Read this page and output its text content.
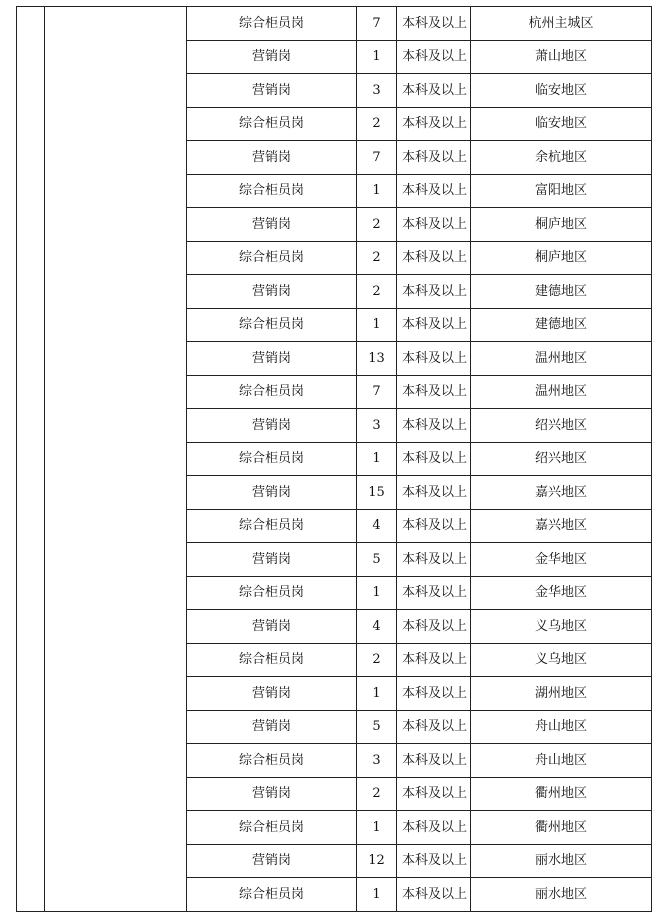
		综合柜员岗	7	本科及以上	杭州主城区
		营销岗	1	本科及以上	萧山地区
		营销岗	3	本科及以上	临安地区
		综合柜员岗	2	本科及以上	临安地区
		营销岗	7	本科及以上	余杭地区
		综合柜员岗	1	本科及以上	富阳地区
		营销岗	2	本科及以上	桐庐地区
		综合柜员岗	2	本科及以上	桐庐地区
		营销岗	2	本科及以上	建德地区
		综合柜员岗	1	本科及以上	建德地区
		营销岗	13	本科及以上	温州地区
		综合柜员岗	7	本科及以上	温州地区
		营销岗	3	本科及以上	绍兴地区
		综合柜员岗	1	本科及以上	绍兴地区
		营销岗	15	本科及以上	嘉兴地区
		综合柜员岗	4	本科及以上	嘉兴地区
		营销岗	5	本科及以上	金华地区
		综合柜员岗	1	本科及以上	金华地区
		营销岗	4	本科及以上	义乌地区
		综合柜员岗	2	本科及以上	义乌地区
		营销岗	1	本科及以上	湖州地区
		营销岗	5	本科及以上	舟山地区
		综合柜员岗	3	本科及以上	舟山地区
		营销岗	2	本科及以上	衢州地区
		综合柜员岗	1	本科及以上	衢州地区
		营销岗	12	本科及以上	丽水地区
		综合柜员岗	1	本科及以上	丽水地区
